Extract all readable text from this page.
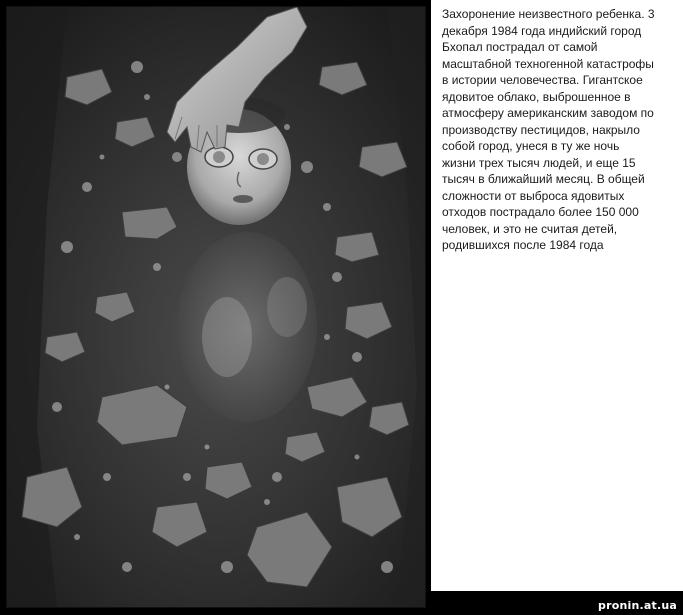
Захоронение неизвестного ребенка. 3
декабря 1984 года индийский город
Бхопал пострадал от самой
масштабной техногенной катастрофы
в истории человечества. Гигантское
ядовитое облако, выброшенное в
атмосферу американским заводом по
производству пестицидов, накрыло
собой город, унеся в ту же ночь
жизни трех тысяч людей, и еще 15
тысяч в ближайший месяц. В общей
сложности от выброса ядовитых
отходов пострадало более 150 000
человек, и это не считая детей,
родившихся после 1984 года

pronin.at.ua
